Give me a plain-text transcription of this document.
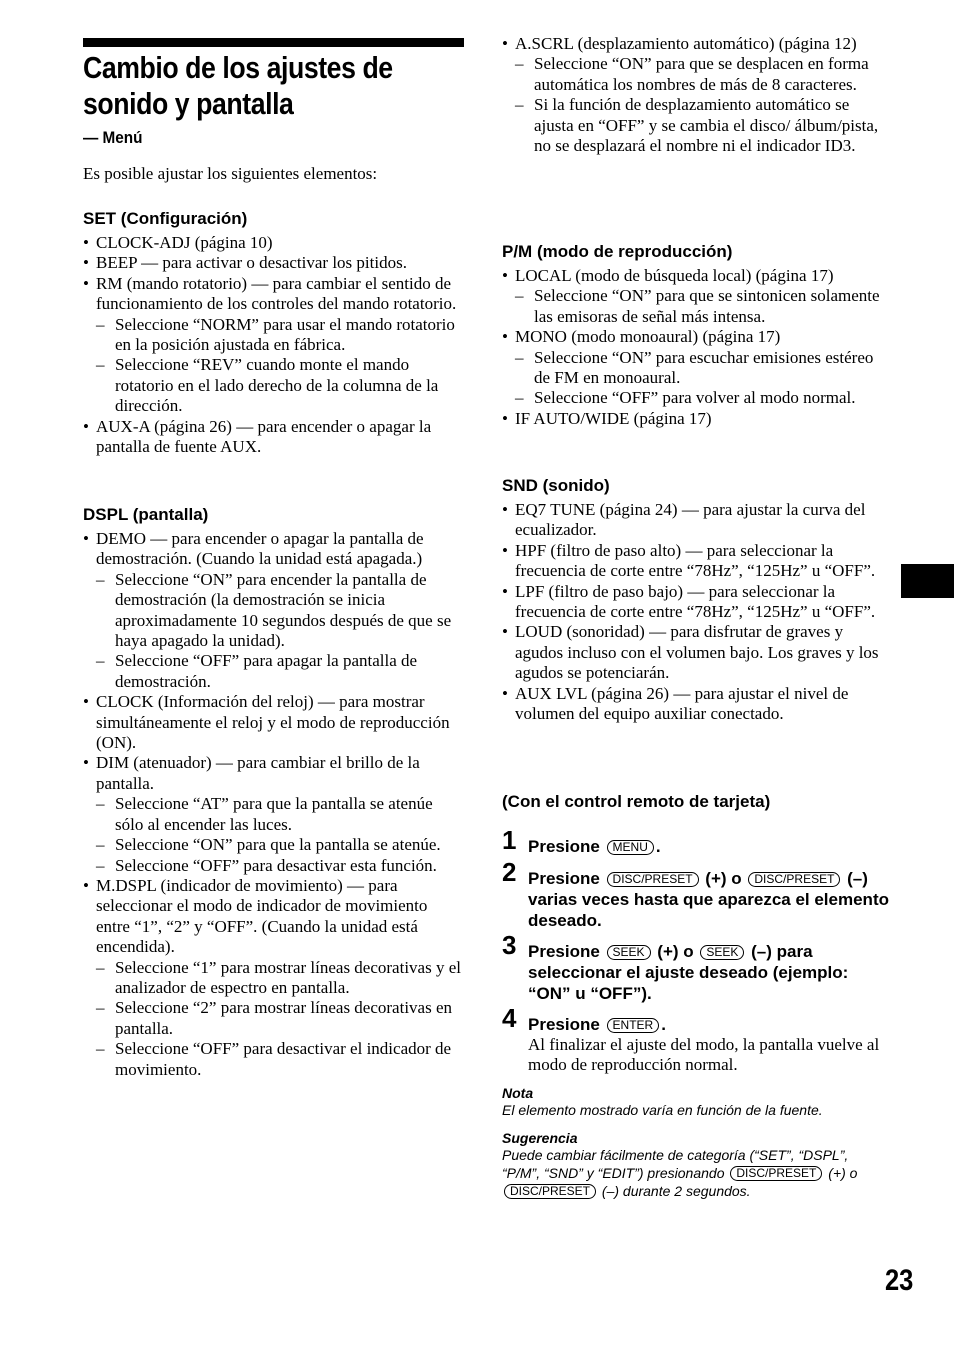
Cambio de los ajustes de sonido y pantalla
— Menú
Es posible ajustar los siguientes elementos:
SET (Configuración)
• CLOCK-ADJ (página 10)
• BEEP — para activar o desactivar los pitidos.
• RM (mando rotatorio) — para cambiar el sentido de funcionamiento de los controles del mando rotatorio.
– Seleccione “NORM” para usar el mando rotatorio en la posición ajustada en fábrica.
– Seleccione “REV” cuando monte el mando rotatorio en el lado derecho de la columna de la dirección.
• AUX-A (página 26) — para encender o apagar la pantalla de fuente AUX.
DSPL (pantalla)
• DEMO — para encender o apagar la pantalla de demostración. (Cuando la unidad está apagada.)
– Seleccione “ON” para encender la pantalla de demostración (la demostración se inicia aproximadamente 10 segundos después de que se haya apagado la unidad).
– Seleccione “OFF” para apagar la pantalla de demostración.
• CLOCK (Información del reloj) — para mostrar simultáneamente el reloj y el modo de reproducción (ON).
• DIM (atenuador) — para cambiar el brillo de la pantalla.
– Seleccione “AT” para que la pantalla se atenúe sólo al encender las luces.
– Seleccione “ON” para que la pantalla se atenúe.
– Seleccione “OFF” para desactivar esta función.
• M.DSPL (indicador de movimiento) — para seleccionar el modo de indicador de movimiento entre “1”, “2” y “OFF”. (Cuando la unidad está encendida).
– Seleccione “1” para mostrar líneas decorativas y el analizador de espectro en pantalla.
– Seleccione “2” para mostrar líneas decorativas en pantalla.
– Seleccione “OFF” para desactivar el indicador de movimiento.
• A.SCRL (desplazamiento automático) (página 12)
– Seleccione “ON” para que se desplacen en forma automática los nombres de más de 8 caracteres.
– Si la función de desplazamiento automático se ajusta en “OFF” y se cambia el disco/ álbum/pista, no se desplazará el nombre ni el indicador ID3.
P/M (modo de reproducción)
• LOCAL (modo de búsqueda local) (página 17)
– Seleccione “ON” para que se sintonicen solamente las emisoras de señal más intensa.
• MONO (modo monoaural) (página 17)
– Seleccione “ON” para escuchar emisiones estéreo de FM en monoaural.
– Seleccione “OFF” para volver al modo normal.
• IF AUTO/WIDE (página 17)
SND (sonido)
• EQ7 TUNE (página 24) — para ajustar la curva del ecualizador.
• HPF (filtro de paso alto) — para seleccionar la frecuencia de corte entre “78Hz”, “125Hz” u “OFF”.
• LPF (filtro de paso bajo) — para seleccionar la frecuencia de corte entre “78Hz”, “125Hz” u “OFF”.
• LOUD (sonoridad) — para disfrutar de graves y agudos incluso con el volumen bajo. Los graves y los agudos se potenciarán.
• AUX LVL (página 26) — para ajustar el nivel de volumen del equipo auxiliar conectado.
(Con el control remoto de tarjeta)
1 Presione MENU .
2 Presione DISC/PRESET (+) o DISC/PRESET (–) varias veces hasta que aparezca el elemento deseado.
3 Presione SEEK (+) o SEEK (–) para seleccionar el ajuste deseado (ejemplo: “ON” u “OFF”).
4 Presione ENTER .
Al finalizar el ajuste del modo, la pantalla vuelve al modo de reproducción normal.
Nota
El elemento mostrado varía en función de la fuente.
Sugerencia
Puede cambiar fácilmente de categoría (“SET”, “DSPL”, “P/M”, “SND” y “EDIT”) presionando DISC/PRESET (+) o DISC/PRESET (–) durante 2 segundos.
23
